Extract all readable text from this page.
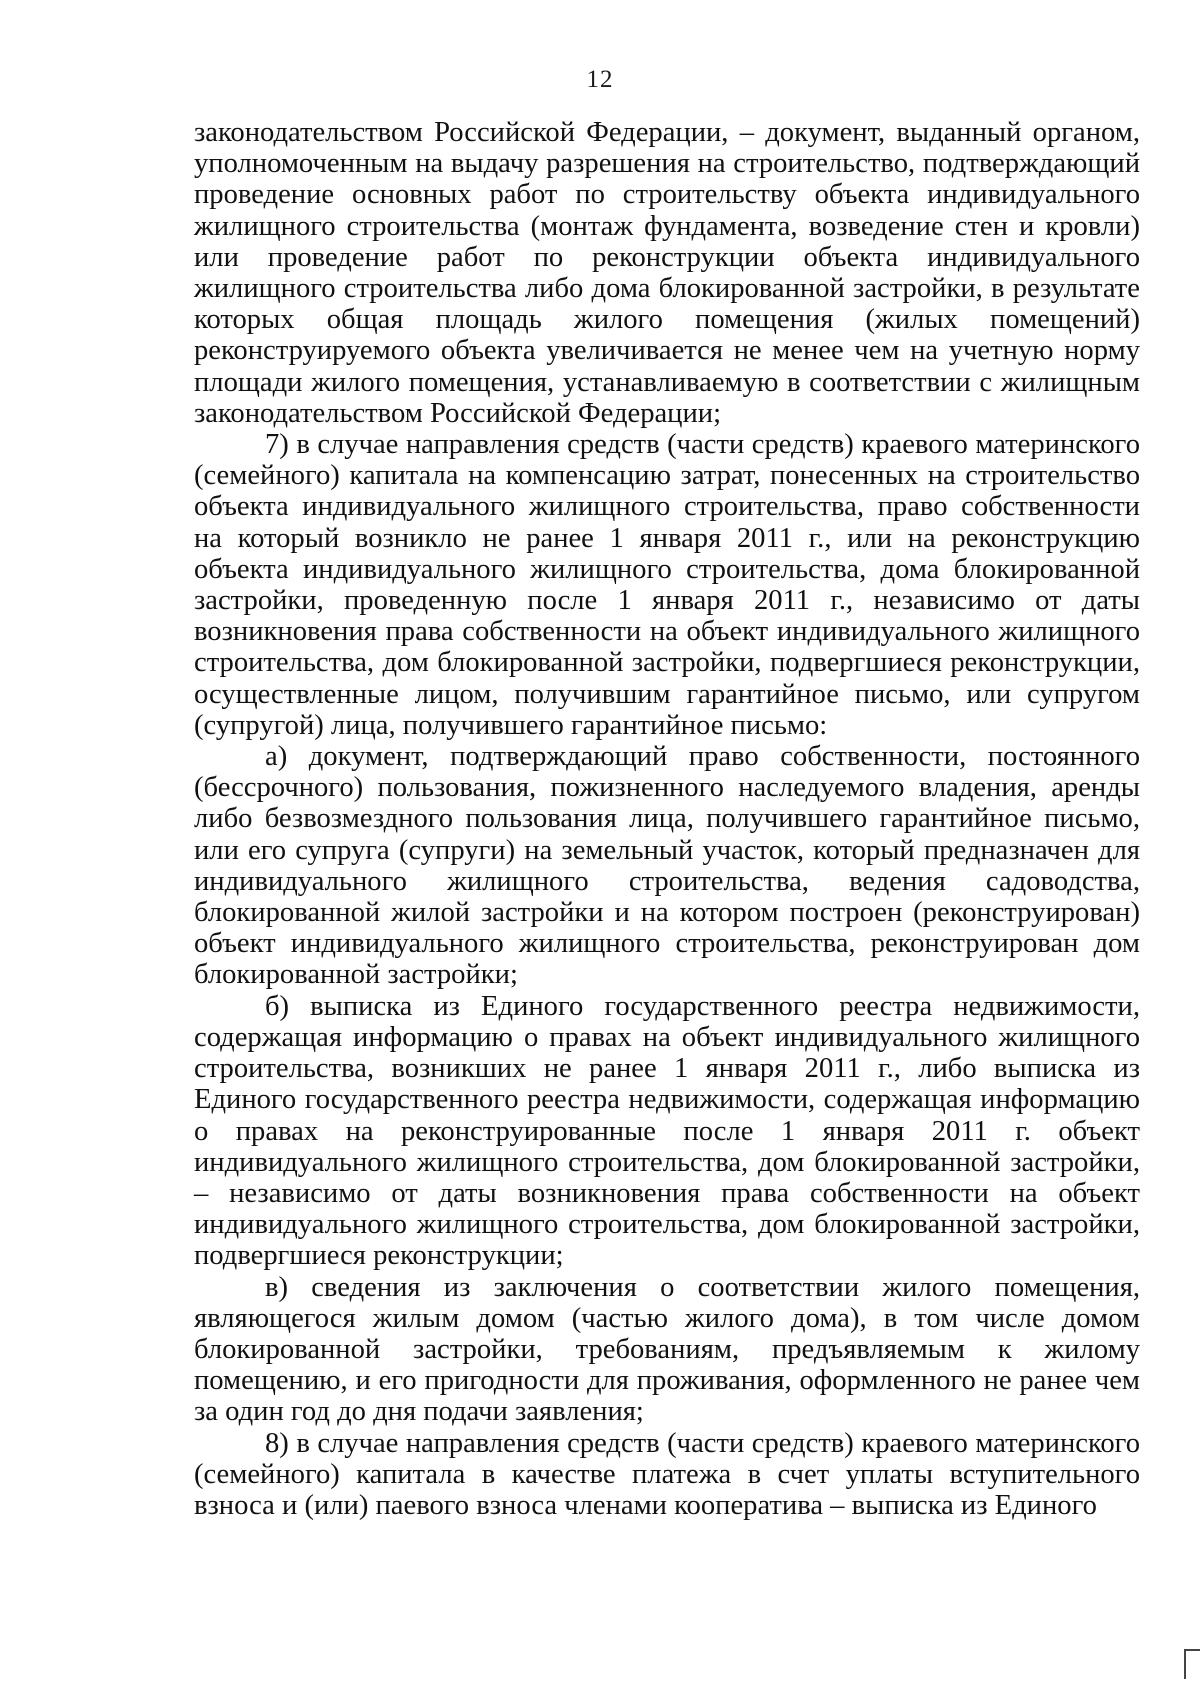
12

законодательством Российской Федерации, – документ, выданный органом, уполномоченным на выдачу разрешения на строительство, подтверждающий проведение основных работ по строительству объекта индивидуального жилищного строительства (монтаж фундамента, возведение стен и кровли) или проведение работ по реконструкции объекта индивидуального жилищного строительства либо дома блокированной застройки, в результате которых общая площадь жилого помещения (жилых помещений) реконструируемого объекта увеличивается не менее чем на учетную норму площади жилого помещения, устанавливаемую в соответствии с жилищным законодательством Российской Федерации;

7) в случае направления средств (части средств) краевого материнского (семейного) капитала на компенсацию затрат, понесенных на строительство объекта индивидуального жилищного строительства, право собственности на который возникло не ранее 1 января 2011 г., или на реконструкцию объекта индивидуального жилищного строительства, дома блокированной застройки, проведенную после 1 января 2011 г., независимо от даты возникновения права собственности на объект индивидуального жилищного строительства, дом блокированной застройки, подвергшиеся реконструкции, осуществленные лицом, получившим гарантийное письмо, или супругом (супругой) лица, получившего гарантийное письмо:

а) документ, подтверждающий право собственности, постоянного (бессрочного) пользования, пожизненного наследуемого владения, аренды либо безвозмездного пользования лица, получившего гарантийное письмо, или его супруга (супруги) на земельный участок, который предназначен для индивидуального жилищного строительства, ведения садоводства, блокированной жилой застройки и на котором построен (реконструирован) объект индивидуального жилищного строительства, реконструирован дом блокированной застройки;

б) выписка из Единого государственного реестра недвижимости, содержащая информацию о правах на объект индивидуального жилищного строительства, возникших не ранее 1 января 2011 г., либо выписка из Единого государственного реестра недвижимости, содержащая информацию о правах на реконструированные после 1 января 2011 г. объект индивидуального жилищного строительства, дом блокированной застройки, – независимо от даты возникновения права собственности на объект индивидуального жилищного строительства, дом блокированной застройки, подвергшиеся реконструкции;

в) сведения из заключения о соответствии жилого помещения, являющегося жилым домом (частью жилого дома), в том числе домом блокированной застройки, требованиям, предъявляемым к жилому помещению, и его пригодности для проживания, оформленного не ранее чем за один год до дня подачи заявления;

8) в случае направления средств (части средств) краевого материнского (семейного) капитала в качестве платежа в счет уплаты вступительного взноса и (или) паевого взноса членами кооператива – выписка из Единого
